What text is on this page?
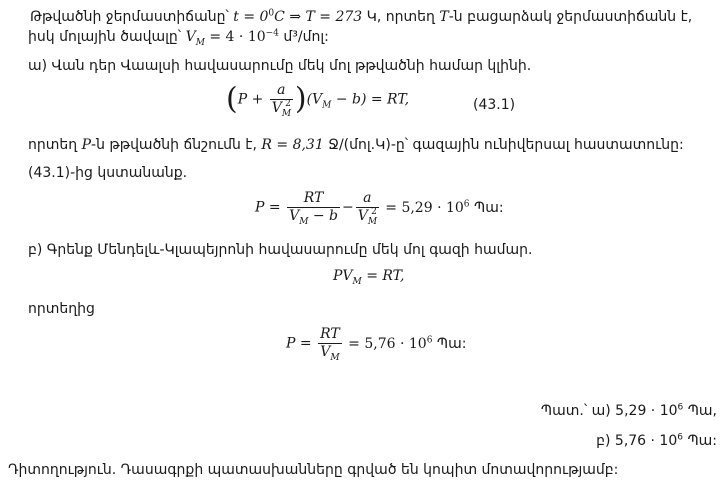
Թթվածնի ջերմաստիճանը՝ $t = 0^0C$ ⇒ T = 273 Կ, որտեղ T-ն բացարձակ ջերմաստիճանն է,
իսկ մոլային ծավալը՝ $V_M = 4 \cdot 10^{-4}$ մ³/մոլ:
ա) Վան դեր Վաալսի հավասարումը մեկ մոլ թթվածնի համար կլինի.
$(P + \frac{a}{V_M^2} )(V_M - b)$ = RT,	(43.1)
որտեղ P-ն թթվածնի ճնշումն է, R = 8,31 Ջ/(մոլ.Կ)-ը՝ գազային ունիվերսալ հաստատունը:
(43.1)-ից կստանանք.
$P = \frac{RT}{V_M - b} - \frac{a}{V_M^2} = 5,29 \cdot 10^6$ Պա:
բ) Գրենք Մենդելև-Կլապեյրոնի հավասարումը մեկ մոլ գազի համար.
$PV_M$ = RT,
որտեղից
$P = \frac{RT}{V_M} = 5,76 \cdot 10^6$ Պա:
Պատ.՝ ա) $5,29 \cdot 10^6$ Պա,
բ) $5,76 \cdot 10^6$ Պա:
Դիտողություն. Դասագրքի պատասխանները գրված են կոպիտ մոտավորությամբ:
